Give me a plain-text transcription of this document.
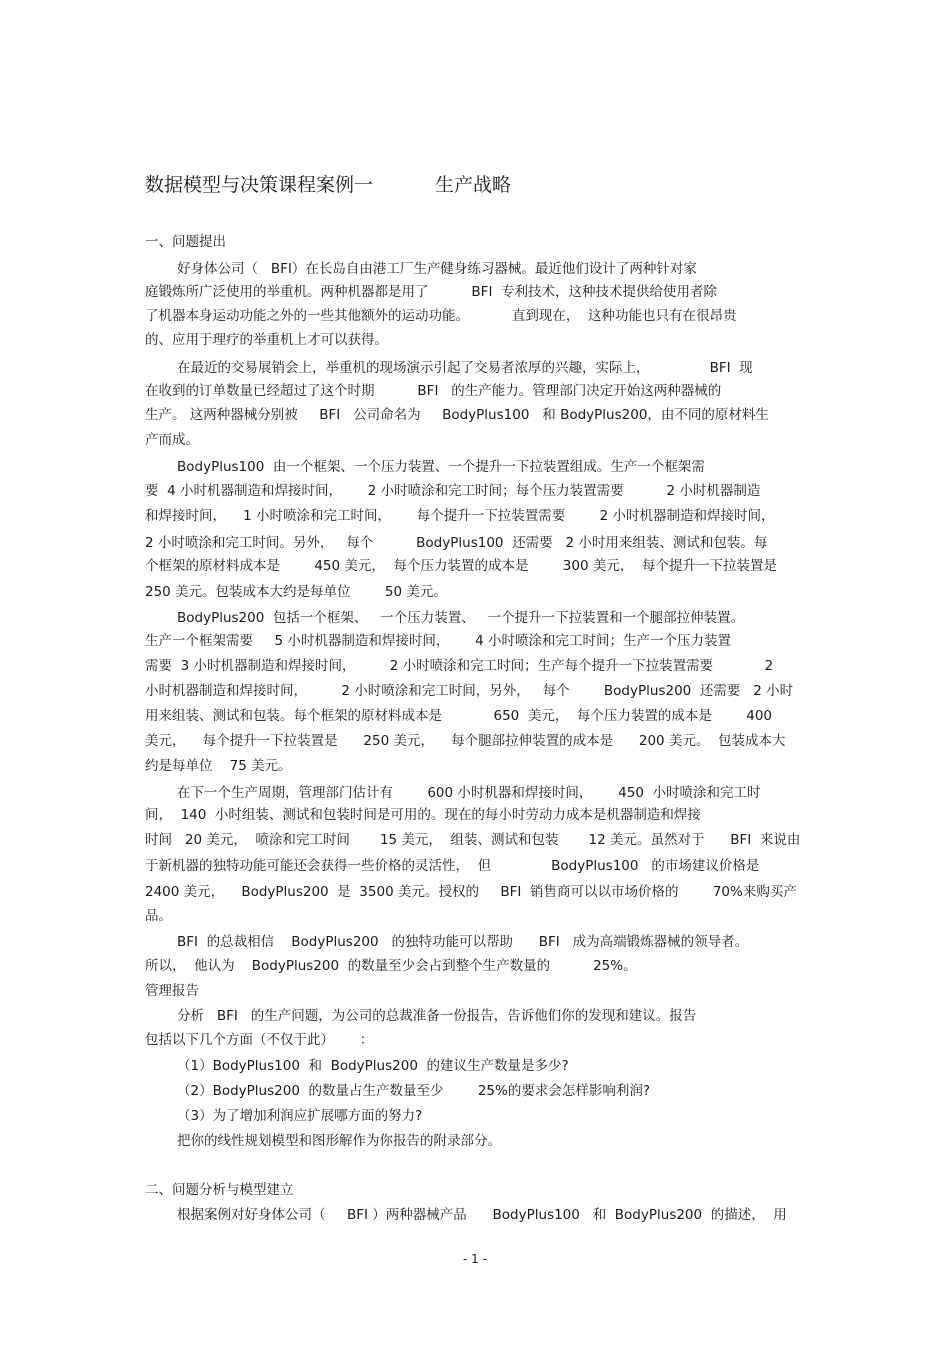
数据模型与决策课程案例一	生产战略
一、问题提出
好身体公司（   BFI）在长岛自由港工厂生产健身练习器械。最近他们设计了两种针对家
庭锻炼所广泛使用的举重机。两种机器都是用了          BFI  专利技术，这种技术提供给使用者除
了机器本身运动功能之外的一些其他额外的运动功能。          直到现在，  这种功能也只有在很昂贵
的、应用于理疗的举重机上才可以获得。
在最近的交易展销会上，举重机的现场演示引起了交易者浓厚的兴趣，实际上，              BFI  现
在收到的订单数量已经超过了这个时期          BFI   的生产能力。管理部门决定开始这两种器械的
生产。 这两种器械分别被     BFI   公司命名为     BodyPlus100   和 BodyPlus200，由不同的原材料生
产而成。
BodyPlus100  由一个框架、一个压力装置、一个提升一下拉装置组成。生产一个框架需
要  4 小时机器制造和焊接时间，      2 小时喷涂和完工时间；每个压力装置需要          2 小时机器制造
和焊接时间，    1 小时喷涂和完工时间，      每个提升一下拉装置需要        2 小时机器制造和焊接时间，
2 小时喷涂和完工时间。另外，   每个          BodyPlus100  还需要   2 小时用来组装、测试和包装。每
个框架的原材料成本是        450 美元，  每个压力装置的成本是        300 美元，  每个提升一下拉装置是
250 美元。包装成本大约是每单位        50 美元。
BodyPlus200  包括一个框架、   一个压力装置、   一个提升一下拉装置和一个腿部拉伸装置。
生产一个框架需要     5 小时机器制造和焊接时间，      4 小时喷涂和完工时间；生产一个压力装置
需要  3 小时机器制造和焊接时间，        2 小时喷涂和完工时间；生产每个提升一下拉装置需要            2
小时机器制造和焊接时间，        2 小时喷涂和完工时间，另外，   每个        BodyPlus200  还需要   2 小时
用来组装、测试和包装。每个框架的原材料成本是            650  美元，  每个压力装置的成本是        400
美元，    每个提升一下拉装置是      250 美元，    每个腿部拉伸装置的成本是      200 美元。  包装成本大
约是每单位    75 美元。
在下一个生产周期，管理部门估计有        600 小时机器和焊接时间，      450  小时喷涂和完工时
间，  140  小时组装、测试和包装时间是可用的。现在的每小时劳动力成本是机器制造和焊接
时间   20 美元，  喷涂和完工时间       15 美元，  组装、测试和包装       12 美元。虽然对于      BFI  来说由
于新机器的独特功能可能还会获得一些价格的灵活性，  但              BodyPlus100   的市场建议价格是
2400 美元，    BodyPlus200  是  3500 美元。授权的     BFI  销售商可以以市场价格的        70%来购买产
品。
BFI  的总裁相信    BodyPlus200   的独特功能可以帮助      BFI   成为高端锻炼器械的领导者。
所以，  他认为    BodyPlus200  的数量至少会占到整个生产数量的          25%。
管理报告
分析   BFI   的生产问题，为公司的总裁准备一份报告，告诉他们你的发现和建议。报告
包括以下几个方面（不仅于此）      ：
（1）BodyPlus100  和  BodyPlus200  的建议生产数量是多少?
（2）BodyPlus200  的数量占生产数量至少        25%的要求会怎样影响利润?
（3）为了增加利润应扩展哪方面的努力?
把你的线性规划模型和图形解作为你报告的附录部分。
二、问题分析与模型建立
根据案例对好身体公司（     BFI ）两种器械产品      BodyPlus100   和  BodyPlus200  的描述，  用
- 1 -
